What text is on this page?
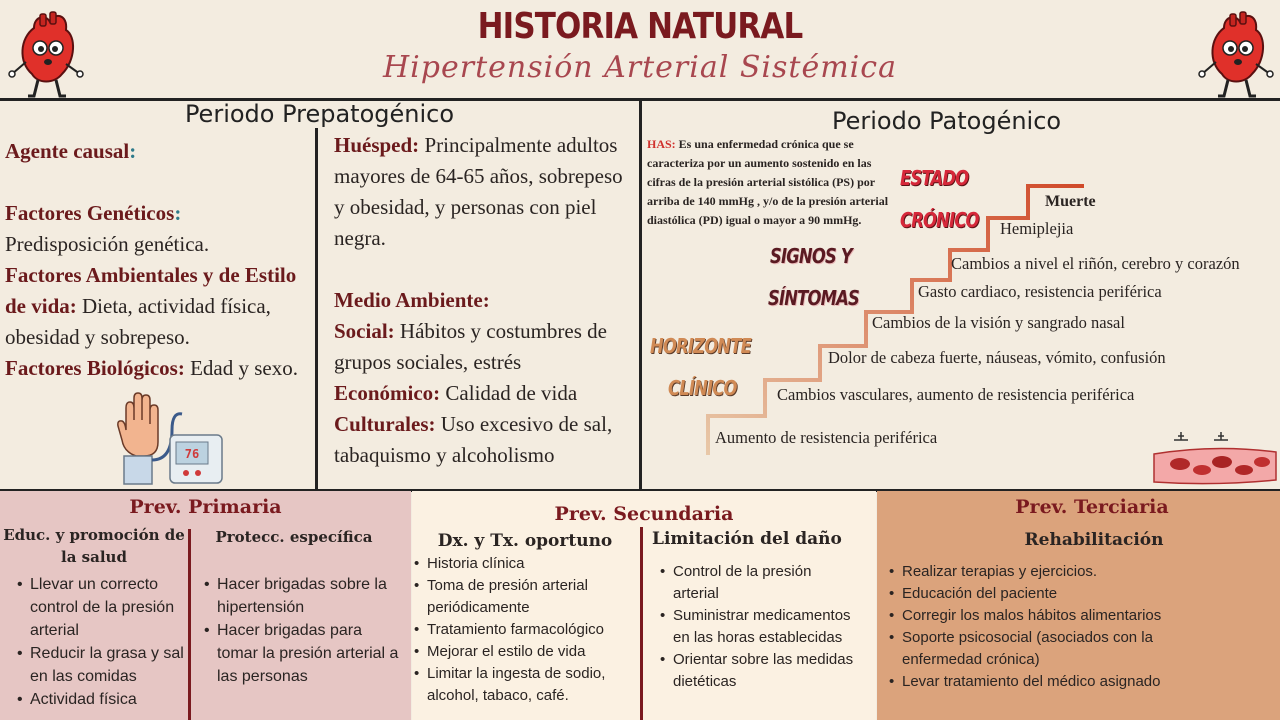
HISTORIA NATURAL
Hipertensión Arterial Sistémica
Periodo Prepatogénico

Agente causal:

Factores Genéticos:
Predisposición genética.

Factores Ambientales y de Estilo de vida: Dieta, actividad física, obesidad y sobrepeso.

Factores Biológicos: Edad y sexo.

76

Huésped: Principalmente adultos mayores de 64-65 años, sobrepeso y obesidad, y personas con piel negra.

Medio Ambiente:

Social: Hábitos y costumbres de grupos sociales, estrés

Económico: Calidad de vida

Culturales: Uso excesivo de sal, tabaquismo y alcoholismo

Periodo Patogénico
HAS: Es una enfermedad crónica que se caracteriza por un aumento sostenido en las cifras de la presión arterial sistólica (PS) por arriba de 140 mmHg , y/o de la presión arterial diastólica (PD) igual o mayor a 90 mmHg.
ESTADO
CRÓNICO
SIGNOS Y
SÍNTOMAS
HORIZONTE
CLÍNICO
Muerte
Hemiplejia
Cambios a nivel el riñón, cerebro y corazón
Gasto cardiaco, resistencia periférica
Cambios de la visión y sangrado nasal
Dolor de cabeza fuerte, náuseas, vómito, confusión
Cambios vasculares, aumento de resistencia periférica
Aumento de resistencia periférica
Prev. Primaria
Educ. y promoción de la salud
• Llevar un correcto control de la presión arterial
• Reducir la grasa y sal en las comidas
• Actividad física
Protecc. específica
• Hacer brigadas sobre la hipertensión
• Hacer brigadas para tomar la presión arterial a las personas
Prev. Secundaria
Dx. y Tx. oportuno
• Historia clínica
• Toma de presión arterial periódicamente
• Tratamiento farmacológico
• Mejorar el estilo de vida
• Limitar la ingesta de sodio, alcohol, tabaco, café.
Limitación del daño
• Control de la presión arterial
• Suministrar medicamentos en las horas establecidas
• Orientar sobre las medidas dietéticas
Prev. Terciaria
Rehabilitación
• Realizar terapias y ejercicios.
• Educación del paciente
• Corregir los malos hábitos alimentarios
• Soporte psicosocial (asociados con la enfermedad crónica)
• Levar tratamiento del médico asignado
